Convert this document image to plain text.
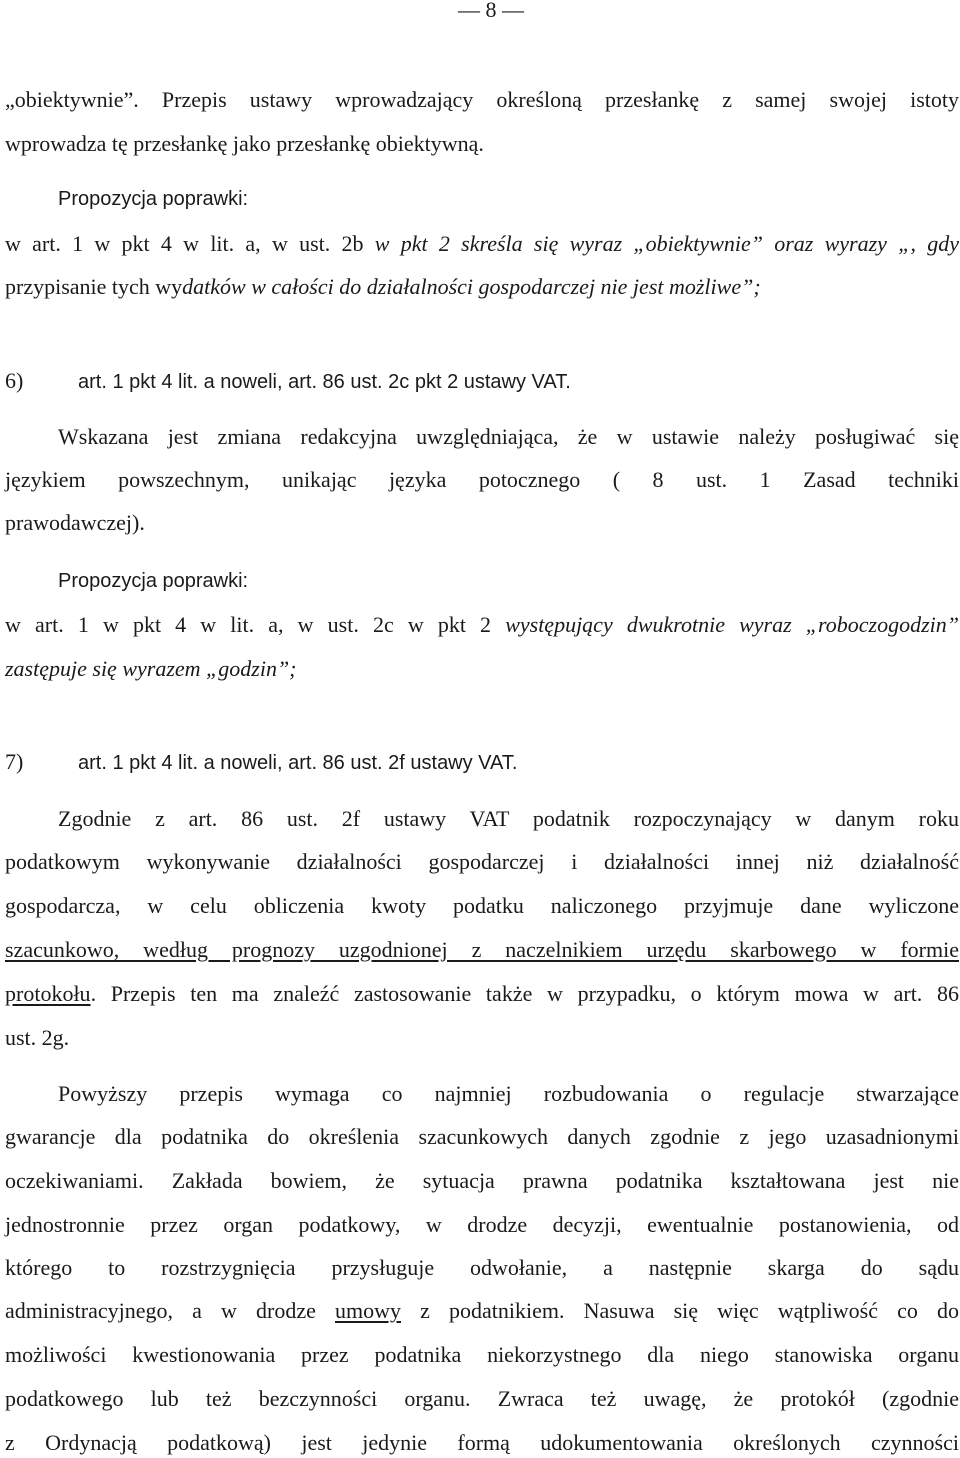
— 8 —
„obiektywnie”. Przepis ustawy wprowadzający określoną przesłankę z samej swojej istoty
wprowadza tę przesłankę jako przesłankę obiektywną.
Propozycja poprawki:
w art. 1 w pkt 4 w lit. a, w ust. 2b w pkt 2 skreśla się wyraz „obiektywnie” oraz wyrazy „, gdy
przypisanie tych wydatków w całości do działalności gospodarczej nie jest możliwe”;
6)	art. 1 pkt 4 lit. a noweli, art. 86 ust. 2c pkt 2 ustawy VAT.
Wskazana jest zmiana redakcyjna uwzględniająca, że w ustawie należy posługiwać się
językiem powszechnym, unikając języka potocznego ( 8 ust. 1 Zasad techniki
prawodawczej).
Propozycja poprawki:
w art. 1 w pkt 4 w lit. a, w ust. 2c w pkt 2 występujący dwukrotnie wyraz „roboczogodzin”
zastępuje się wyrazem „godzin”;
7)	art. 1 pkt 4 lit. a noweli, art. 86 ust. 2f ustawy VAT.
Zgodnie z art. 86 ust. 2f ustawy VAT podatnik rozpoczynający w danym roku
podatkowym wykonywanie działalności gospodarczej i działalności innej niż działalność
gospodarcza, w celu obliczenia kwoty podatku naliczonego przyjmuje dane wyliczone
szacunkowo, według prognozy uzgodnionej z naczelnikiem urzędu skarbowego w formie
protokołu. Przepis ten ma znaleźć zastosowanie także w przypadku, o którym mowa w art. 86
ust. 2g.
Powyższy przepis wymaga co najmniej rozbudowania o regulacje stwarzające
gwarancje dla podatnika do określenia szacunkowych danych zgodnie z jego uzasadnionymi
oczekiwaniami. Zakłada bowiem, że sytuacja prawna podatnika kształtowana jest nie
jednostronnie przez organ podatkowy, w drodze decyzji, ewentualnie postanowienia, od
którego to rozstrzygnięcia przysługuje odwołanie, a następnie skarga do sądu
administracyjnego, a w drodze umowy z podatnikiem. Nasuwa się więc wątpliwość co do
możliwości kwestionowania przez podatnika niekorzystnego dla niego stanowiska organu
podatkowego lub też bezczynności organu. Zwraca też uwagę, że protokół (zgodnie
z Ordynacją podatkową) jest jedynie formą udokumentowania określonych czynności
